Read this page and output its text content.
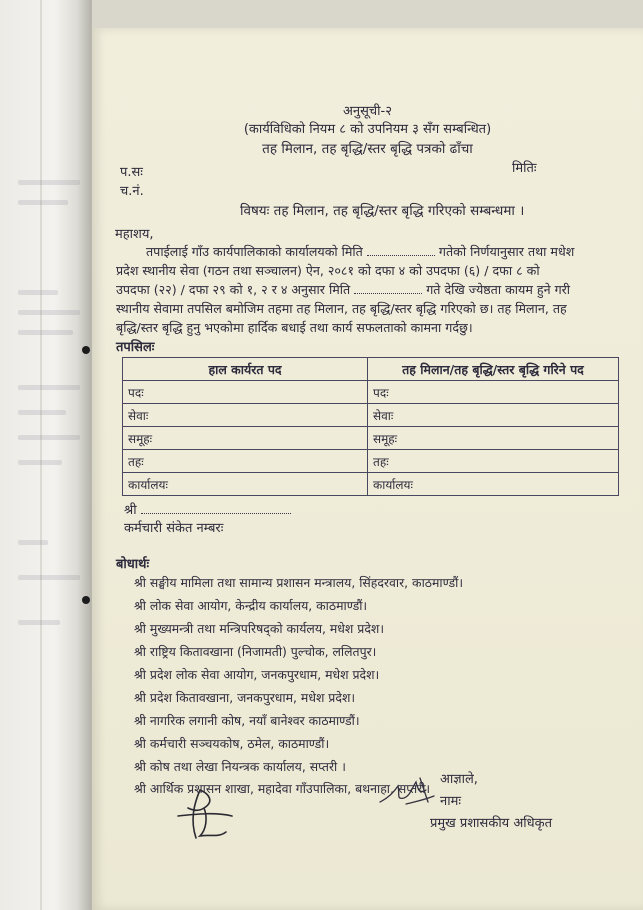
अनुसूची-२
(कार्यविधिको नियम ८ को उपनियम ३ सँग सम्बन्धित)
तह मिलान, तह बृद्धि/स्तर बृद्धि पत्रको ढाँचा
मितिः
प.सः
च.नं.
विषयः तह मिलान, तह बृद्धि/स्तर बृद्धि गरिएको सम्बन्धमा ।
महाशय,
तपाईलाई गाँउ कार्यपालिकाको कार्यालयको मिति	गतेको निर्णयानुसार तथा मधेश
प्रदेश स्थानीय सेवा (गठन तथा सञ्चालन) ऐन, २०८१ को दफा ४ को उपदफा (६) / दफा ८ को
उपदफा (२२) / दफा २९ को १, २ र ४ अनुसार मिति	गते देखि ज्येष्ठता कायम हुने गरी
स्थानीय सेवामा तपसिल बमोजिम तहमा तह मिलान, तह बृद्धि/स्तर बृद्धि गरिएको छ। तह मिलान, तह
बृद्धि/स्तर बृद्धि हुनु भएकोमा हार्दिक बधाई तथा कार्य सफलताको कामना गर्दछु।
तपसिलः
हाल कार्यरत पद	तह मिलान/तह बृद्धि/स्तर बृद्धि गरिने पद
पदः	पदः
सेवाः	सेवाः
समूहः	समूहः
तहः	तहः
कार्यालयः	कार्यालयः
श्री
कर्मचारी संकेत नम्बरः
बोधार्थः
श्री सङ्घीय मामिला तथा सामान्य प्रशासन मन्त्रालय, सिंहदरवार, काठमाण्डौं।
श्री लोक सेवा आयोग, केन्द्रीय कार्यालय, काठमाण्डौं।
श्री मुख्यमन्त्री तथा मन्त्रिपरिषद्को कार्यलय, मधेश प्रदेश।
श्री राष्ट्रिय कितावखाना (निजामती) पुल्चोक, ललितपुर।
श्री प्रदेश लोक सेवा आयोग, जनकपुरधाम, मधेश प्रदेश।
श्री प्रदेश कितावखाना, जनकपुरधाम, मधेश प्रदेश।
श्री नागरिक लगानी कोष, नयाँ बानेश्वर काठमाण्डौं।
श्री कर्मचारी सञ्चयकोष, ठमेल, काठमाण्डौं।
श्री कोष तथा लेखा नियन्त्रक कार्यालय, सप्तरी ।
श्री आर्थिक प्रशासन शाखा, महादेवा गाँउपालिका, बथनाहा, सप्तरी।
आज्ञाले,
नामः
प्रमुख प्रशासकीय अधिकृत
